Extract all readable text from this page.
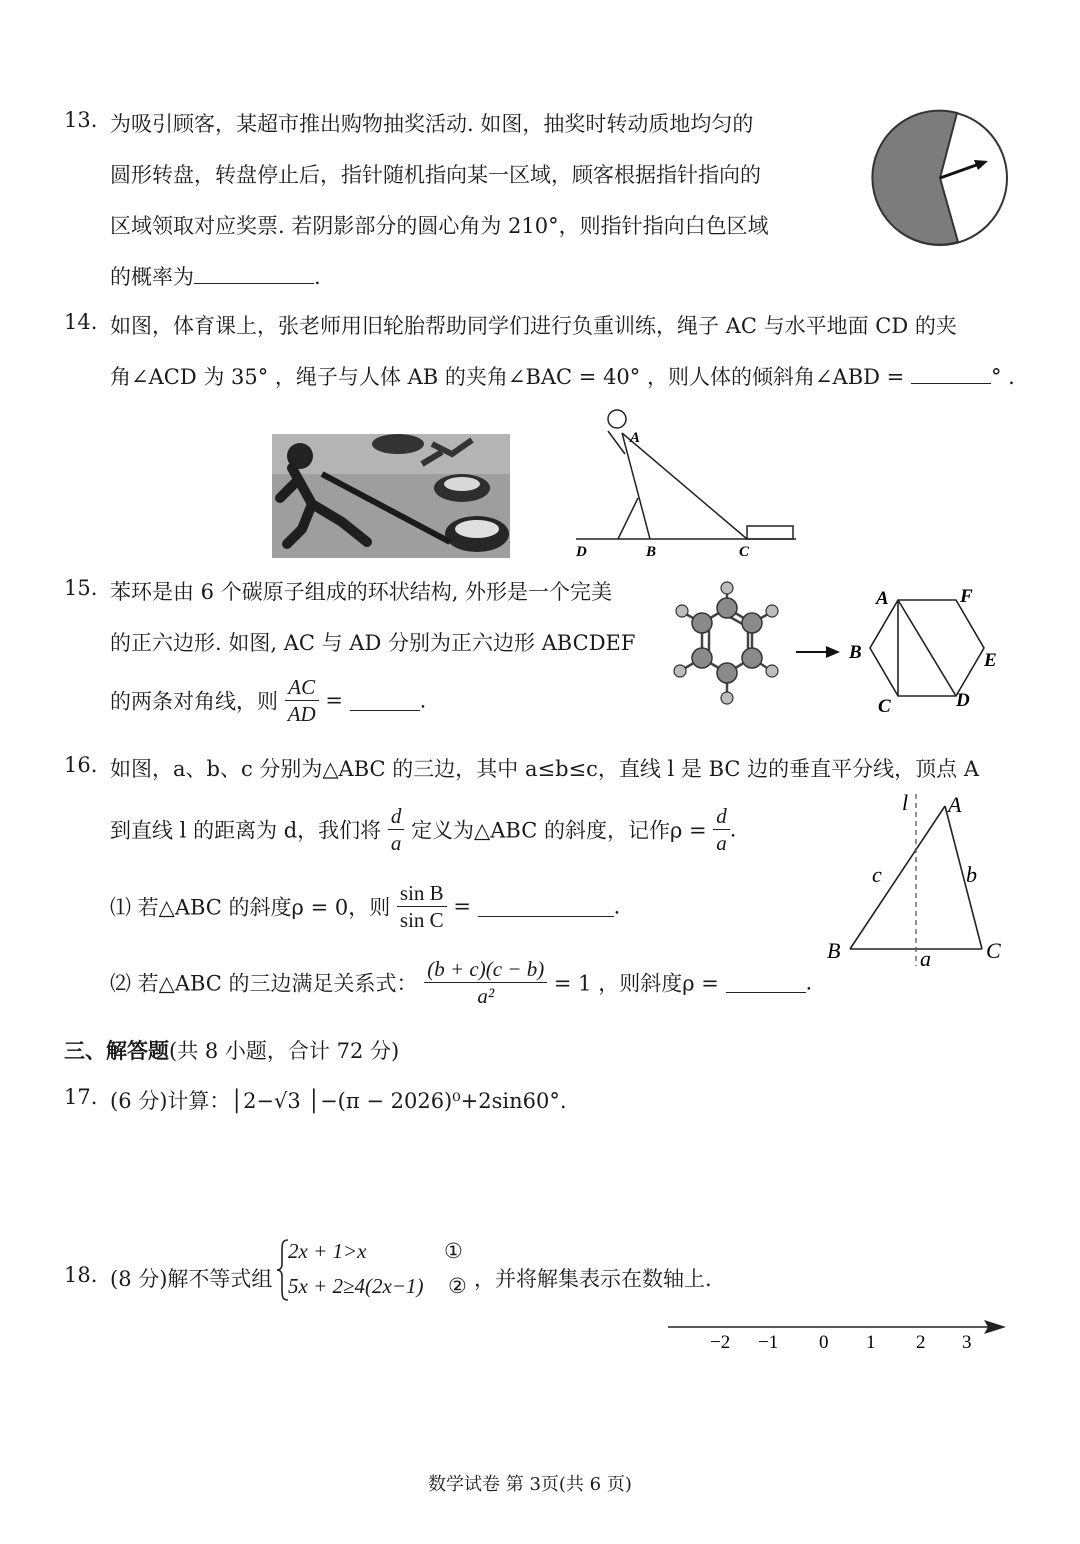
13. 为吸引顾客，某超市推出购物抽奖活动. 如图，抽奖时转动质地均匀的
圆形转盘，转盘停止后，指针随机指向某一区域，顾客根据指针指向的
区域领取对应奖票. 若阴影部分的圆心角为 210°，则指针指向白色区域
的概率为	.
14. 如图，体育课上，张老师用旧轮胎帮助同学们进行负重训练，绳子 AC 与水平地面 CD 的夹
角∠ACD 为 35° ，绳子与人体 AB 的夹角∠BAC = 40° ，则人体的倾斜角∠ABD =	° .
A
D	B	C
15. 苯环是由 6 个碳原子组成的环状结构, 外形是一个完美
的正六边形. 如图, AC 与 AD 分别为正六边形 ABCDEF
的两条对角线，则 $\frac{AC}{AD}$ =	.
A	F
B	E
C	D
16. 如图，a、b、c 分别为△ABC 的三边，其中 a≤b≤c，直线 l 是 BC 边的垂直平分线，顶点 A
到直线 l 的距离为 d，我们将 $\frac{d}{a}$ 定义为△ABC 的斜度，记作$\rho = \frac{d}{a}$ .
⑴ 若△ABC 的斜度ρ = 0，则 $\frac{\text{sin B}}{\text{sin C}}$ =	.
⑵ 若△ABC 的三边满足关系式： $\frac{(b + c)(c - b)}{\text{a²}} = 1$ ，则斜度ρ =	.
l A
c	b
B	a	C
三、解答题(共 8 小题，合计 72 分)
17. (6 分)计算：│2−√3 │−(π − 2026)⁰+2sin60°.
18. (8 分)解不等式组
2x + 1>x	①
5x + 2≥4(2x−1) ② ，并将解集表示在数轴上.
−2 −1 0 1 2 3
数学试卷 第 3页(共 6 页)
